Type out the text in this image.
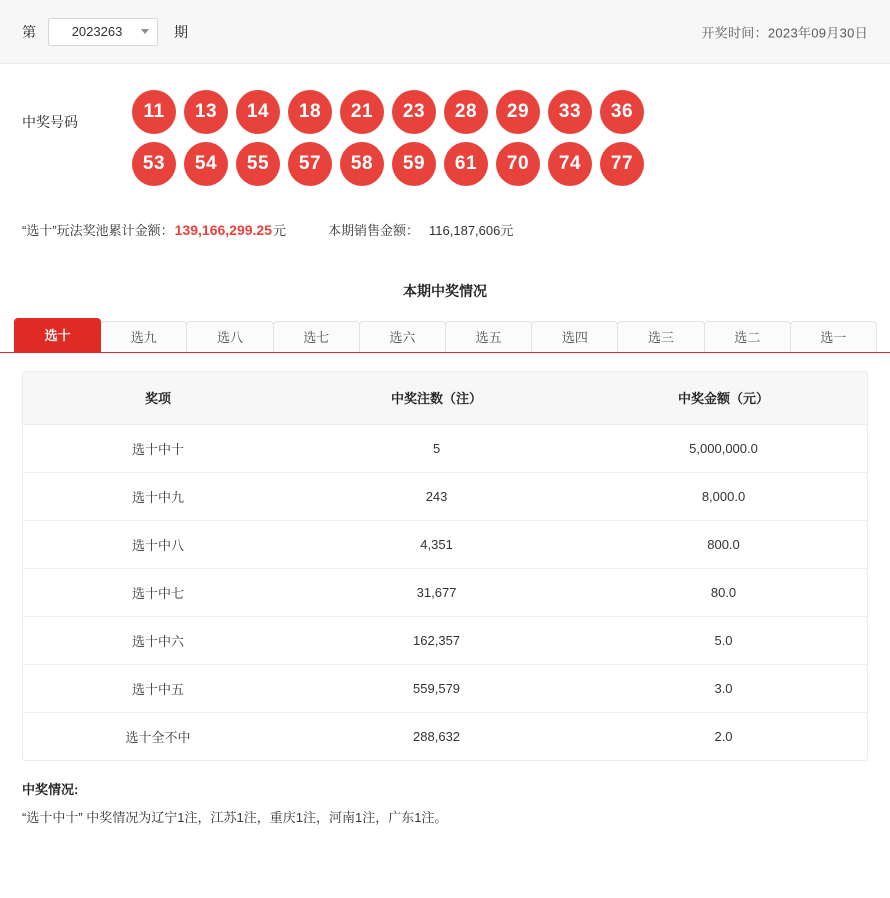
第	2023263	期	开奖时间：2023年09月30日
中奖号码	11	13	14	18	21	23	28	29	33	36
53	54	55	57	58	59	61	70	74	77
“选十”玩法奖池累计金额： 139,166,299.25 元	本期销售金额： 116,187,606元
本期中奖情况
选十	选九	选八	选七	选六	选五	选四	选三	选二	选一
奖项	中奖注数（注）	中奖金额（元）
选十中十	5	5,000,000.0
选十中九	243	8,000.0
选十中八	4,351	800.0
选十中七	31,677	80.0
选十中六	162,357	5.0
选十中五	559,579	3.0
选十全不中	288,632	2.0
中奖情况:
“选十中十” 中奖情况为辽宁1注，江苏1注，重庆1注，河南1注，广东1注。
